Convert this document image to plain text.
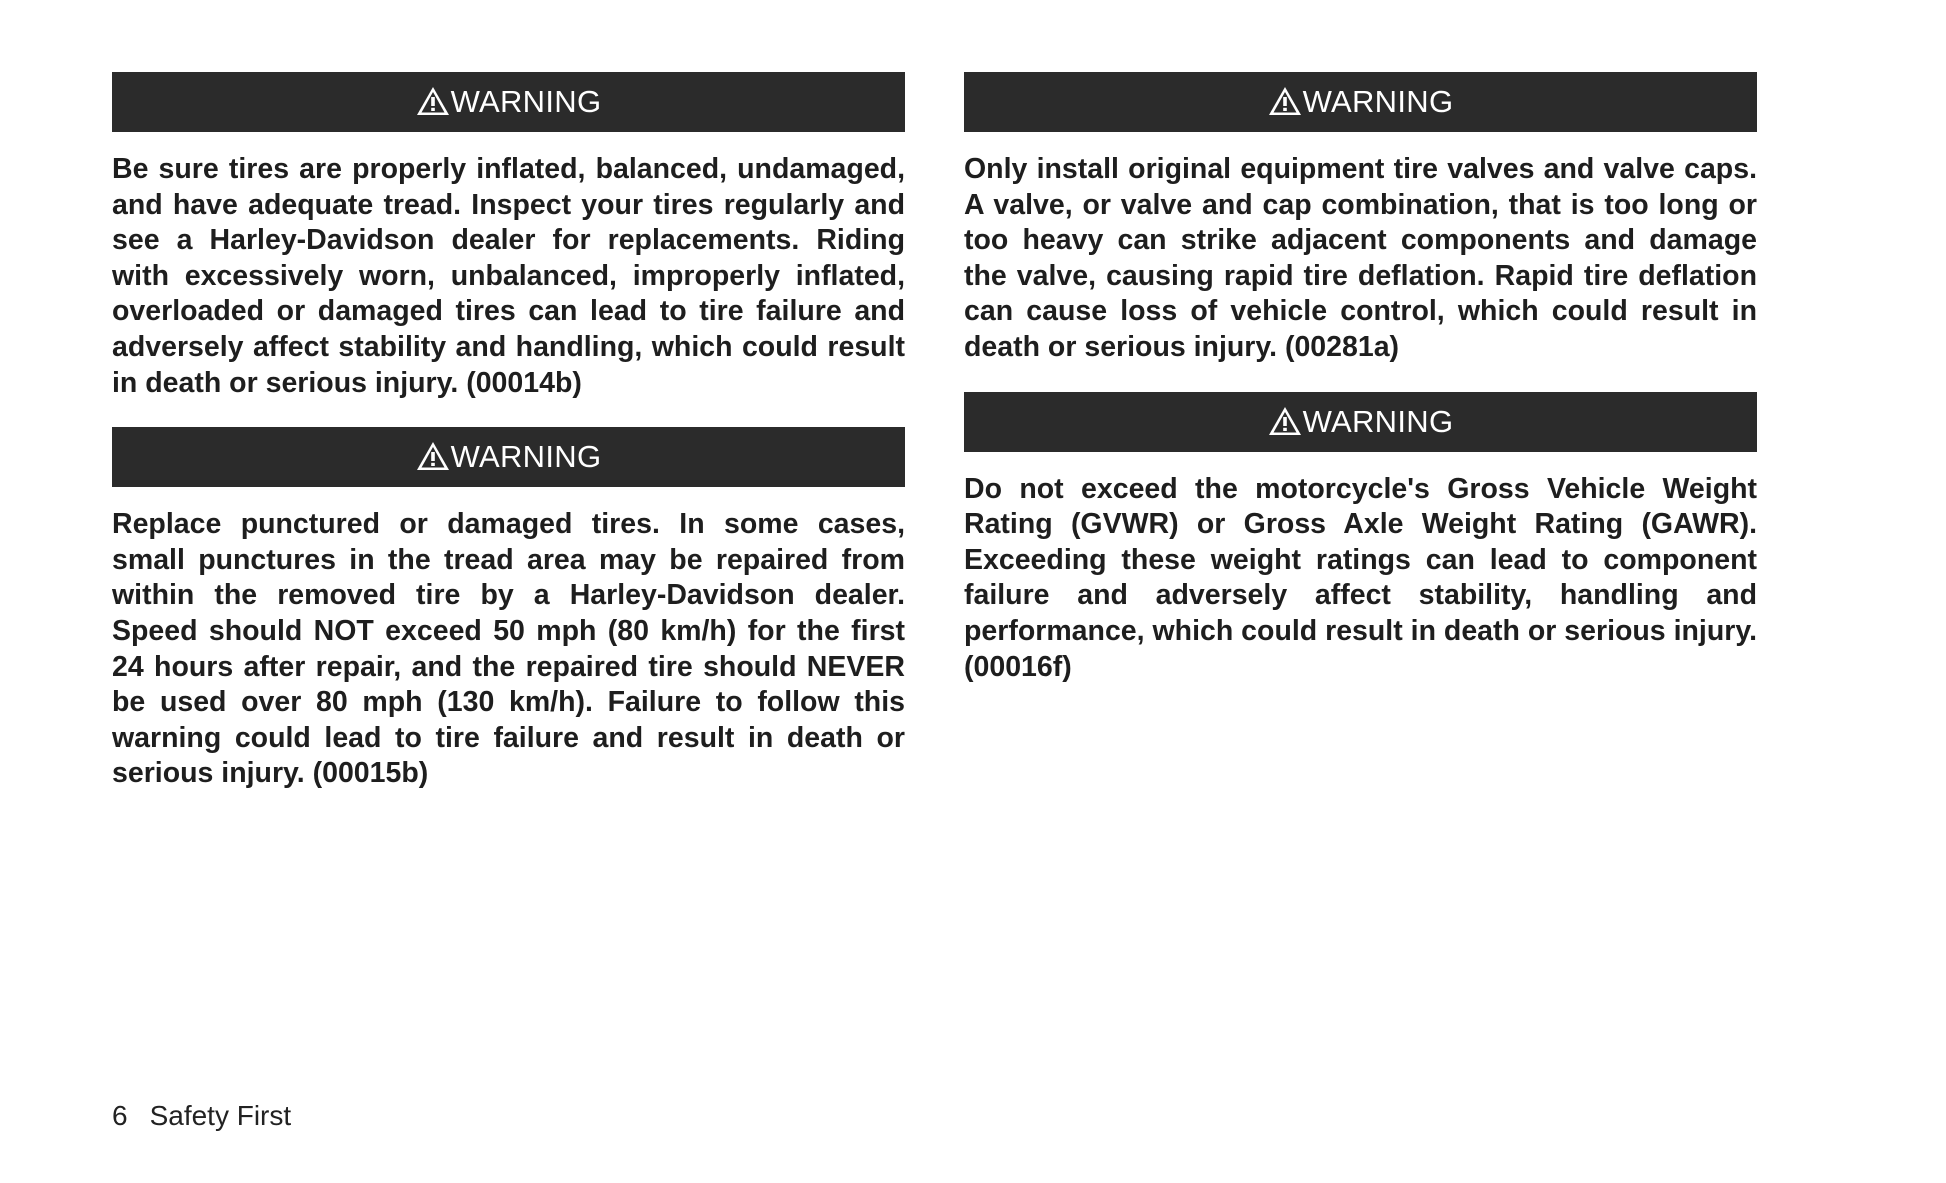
WARNING

Be sure tires are properly inflated, balanced, undamaged, and have adequate tread. Inspect your tires regularly and see a Harley-Davidson dealer for replacements. Riding with excessively worn, unbalanced, improperly inflated, overloaded or damaged tires can lead to tire failure and adversely affect stability and handling, which could result in death or serious injury. (00014b)

WARNING

Replace punctured or damaged tires. In some cases, small punctures in the tread area may be repaired from within the removed tire by a Harley-Davidson dealer. Speed should NOT exceed 50 mph (80 km/h) for the first 24 hours after repair, and the repaired tire should NEVER be used over 80 mph (130 km/h). Failure to follow this warning could lead to tire failure and result in death or serious injury. (00015b)

WARNING

Only install original equipment tire valves and valve caps. A valve, or valve and cap combination, that is too long or too heavy can strike adjacent components and damage the valve, causing rapid tire deflation. Rapid tire deflation can cause loss of vehicle control, which could result in death or serious injury. (00281a)

WARNING

Do not exceed the motorcycle's Gross Vehicle Weight Rating (GVWR) or Gross Axle Weight Rating (GAWR). Exceeding these weight ratings can lead to component failure and adversely affect stability, handling and performance, which could result in death or serious injury. (00016f)

6 Safety First
